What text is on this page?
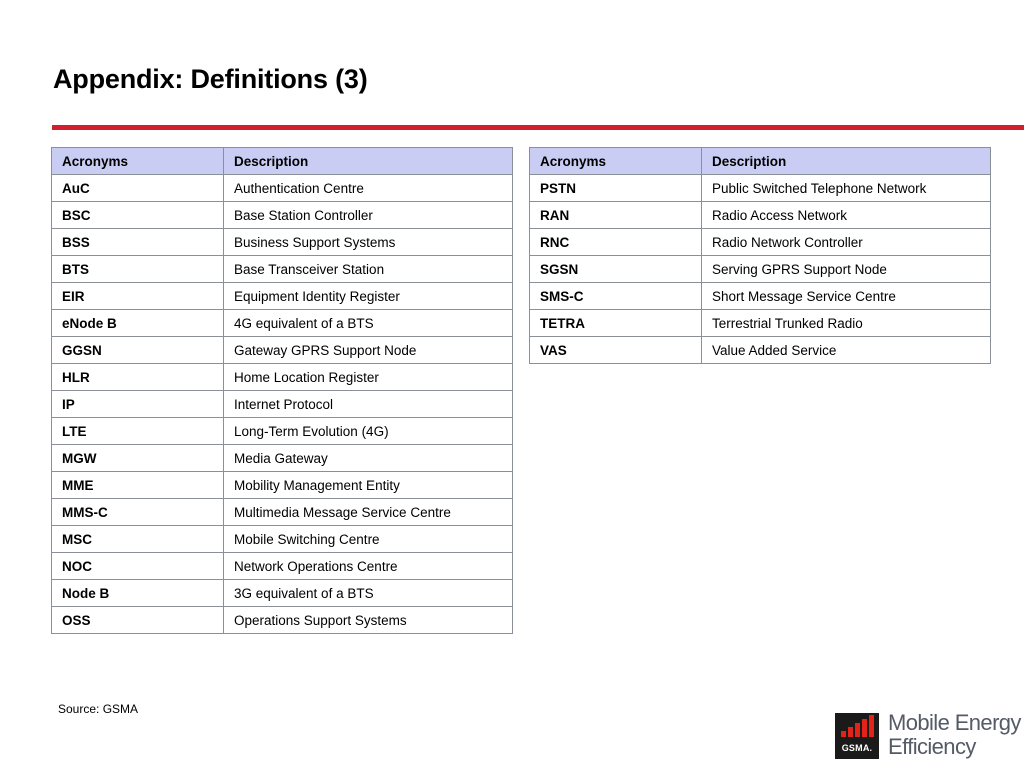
Appendix: Definitions (3)
Acronyms	Description
AuC	Authentication Centre
BSC	Base Station Controller
BSS	Business Support Systems
BTS	Base Transceiver Station
EIR	Equipment Identity Register
eNode B	4G equivalent of a BTS
GGSN	Gateway GPRS Support Node
HLR	Home Location Register
IP	Internet Protocol
LTE	Long-Term Evolution (4G)
MGW	Media Gateway
MME	Mobility Management Entity
MMS-C	Multimedia Message Service Centre
MSC	Mobile Switching Centre
NOC	Network Operations Centre
Node B	3G equivalent of a BTS
OSS	Operations Support Systems
Acronyms	Description
PSTN	Public Switched Telephone Network
RAN	Radio Access Network
RNC	Radio Network Controller
SGSN	Serving GPRS Support Node
SMS-C	Short Message Service Centre
TETRA	Terrestrial Trunked Radio
VAS	Value Added Service
Source: GSMA
GSMA.
Mobile Energy
Efficiency
